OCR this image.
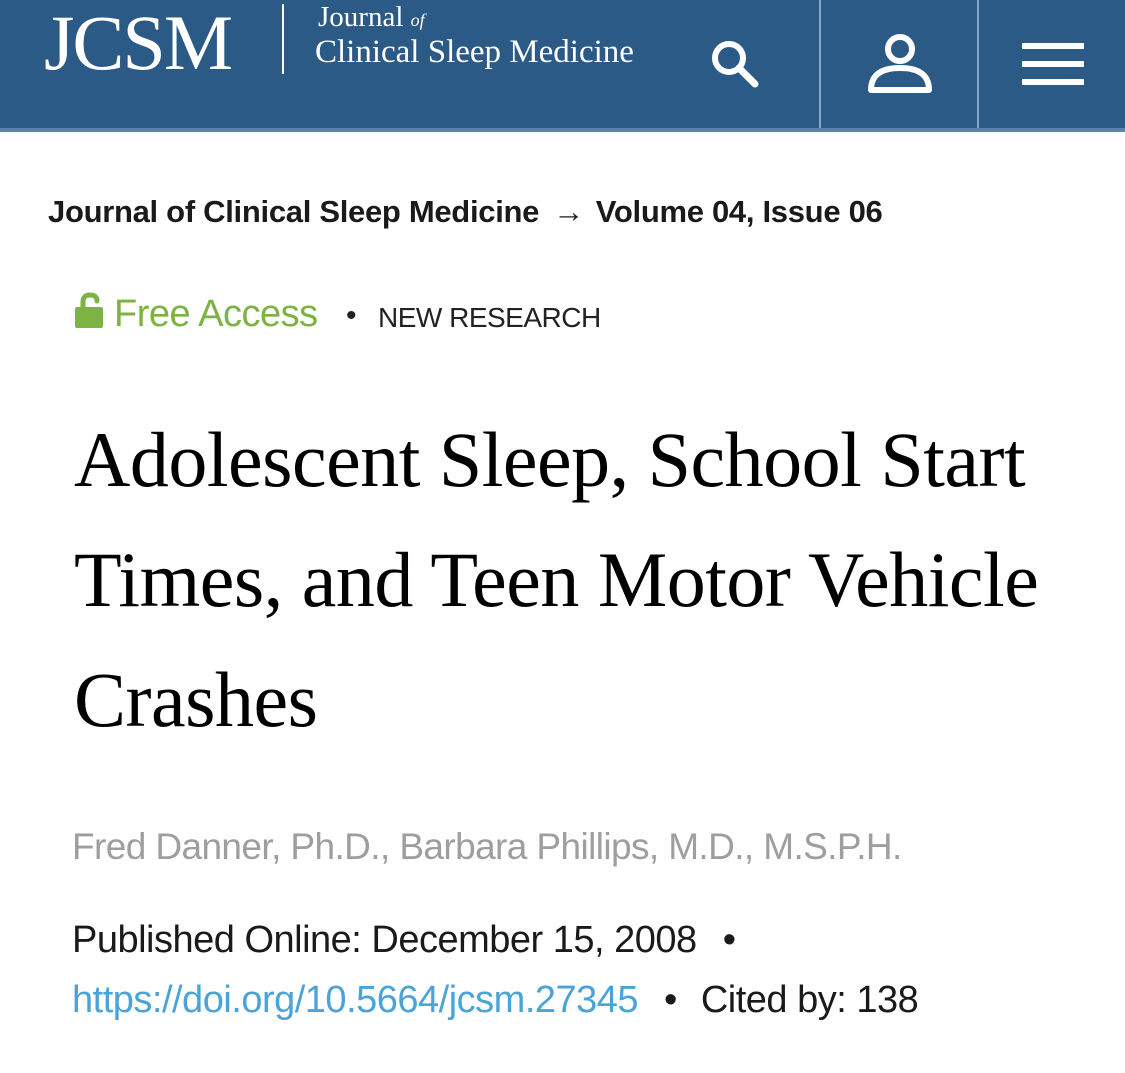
JCSM	Journal of
Clinical Sleep Medicine
Journal of Clinical Sleep Medicine → Volume 04, Issue 06
Free Access • NEW RESEARCH
Adolescent Sleep, School Start Times, and Teen Motor Vehicle Crashes
Fred Danner, Ph.D., Barbara Phillips, M.D., M.S.P.H.
Published Online: December 15, 2008 •
https://doi.org/10.5664/jcsm.27345 • Cited by: 138
